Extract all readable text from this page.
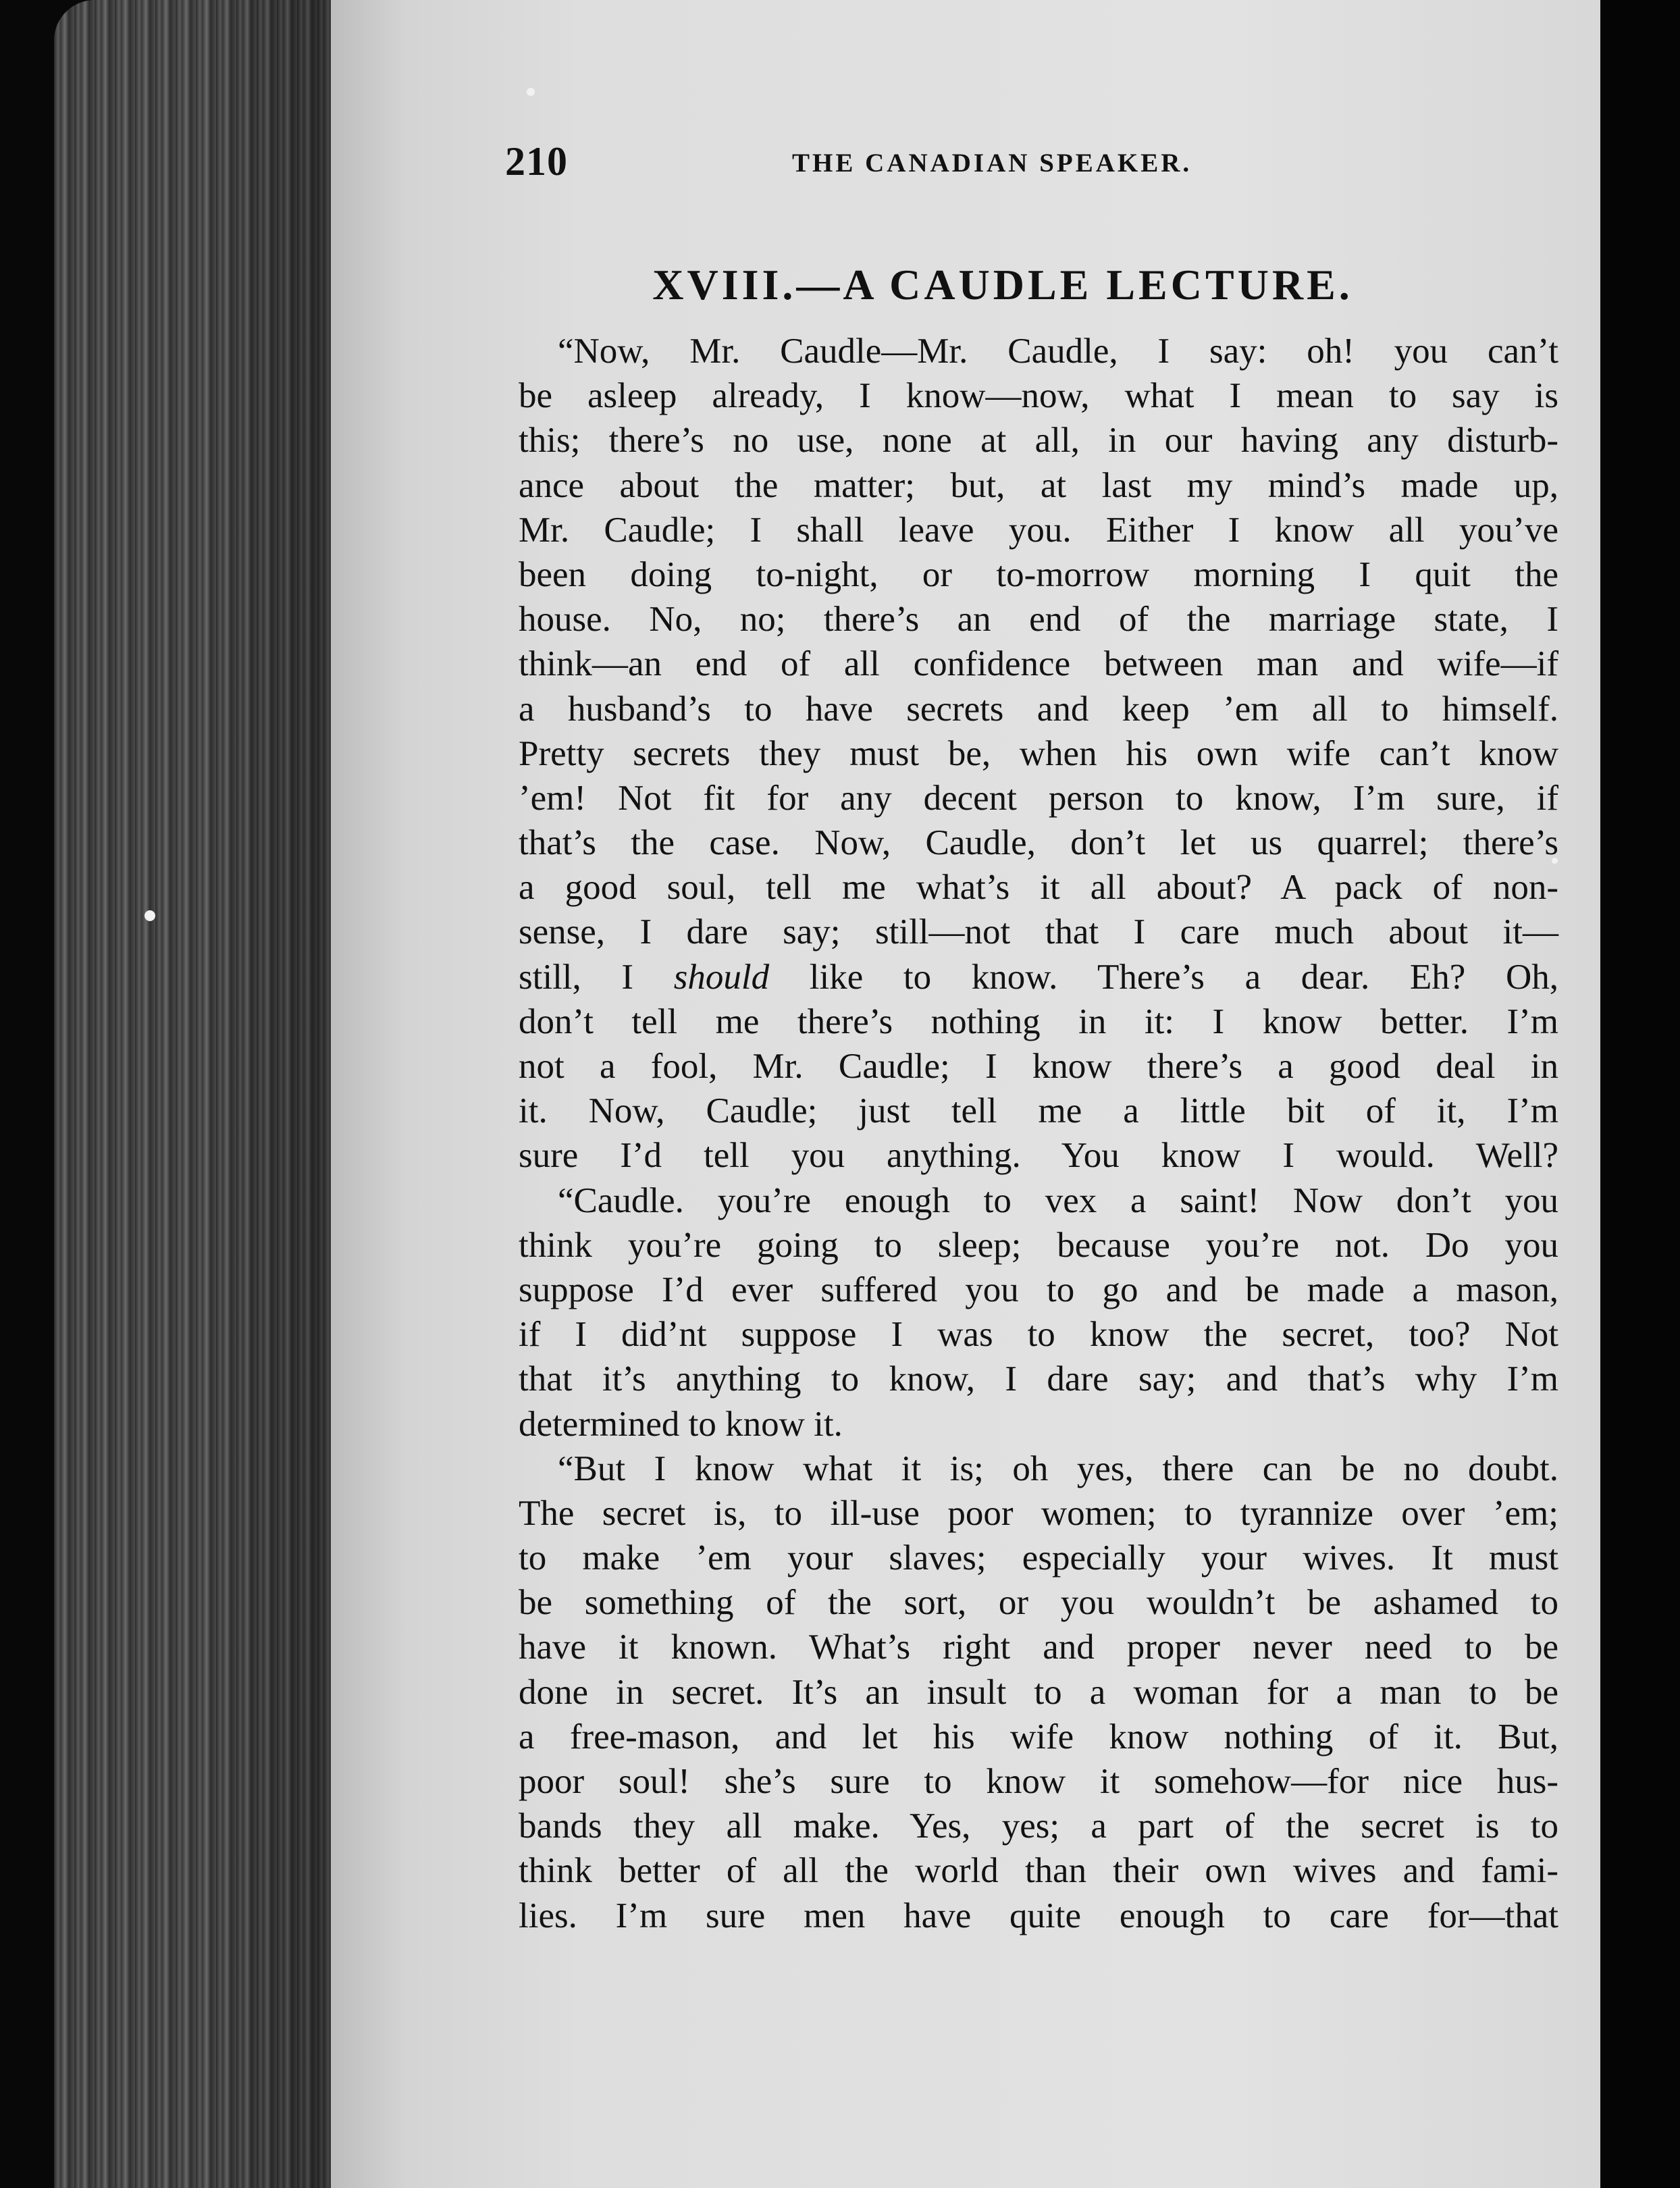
210	THE CANADIAN SPEAKER.
XVIII.—A CAUDLE LECTURE.
“Now, Mr. Caudle—Mr. Caudle, I say: oh! you can’t
be asleep already, I know—now, what I mean to say is
this; there’s no use, none at all, in our having any disturb-
ance about the matter; but, at last my mind’s made up,
Mr. Caudle; I shall leave you. Either I know all you’ve
been doing to-night, or to-morrow morning I quit the
house. No, no; there’s an end of the marriage state, I
think—an end of all confidence between man and wife—if
a husband’s to have secrets and keep ’em all to himself.
Pretty secrets they must be, when his own wife can’t know
’em! Not fit for any decent person to know, I’m sure, if
that’s the case. Now, Caudle, don’t let us quarrel; there’s
a good soul, tell me what’s it all about? A pack of non-
sense, I dare say; still—not that I care much about it—
still, I should like to know. There’s a dear. Eh? Oh,
don’t tell me there’s nothing in it: I know better. I’m
not a fool, Mr. Caudle; I know there’s a good deal in
it. Now, Caudle; just tell me a little bit of it, I’m
sure I’d tell you anything. You know I would. Well?
“Caudle. you’re enough to vex a saint! Now don’t you
think you’re going to sleep; because you’re not. Do you
suppose I’d ever suffered you to go and be made a mason,
if I did’nt suppose I was to know the secret, too? Not
that it’s anything to know, I dare say; and that’s why I’m
determined to know it.
“But I know what it is; oh yes, there can be no doubt.
The secret is, to ill-use poor women; to tyrannize over ’em;
to make ’em your slaves; especially your wives. It must
be something of the sort, or you wouldn’t be ashamed to
have it known. What’s right and proper never need to be
done in secret. It’s an insult to a woman for a man to be
a free-mason, and let his wife know nothing of it. But,
poor soul! she’s sure to know it somehow—for nice hus-
bands they all make. Yes, yes; a part of the secret is to
think better of all the world than their own wives and fami-
lies. I’m sure men have quite enough to care for—that
